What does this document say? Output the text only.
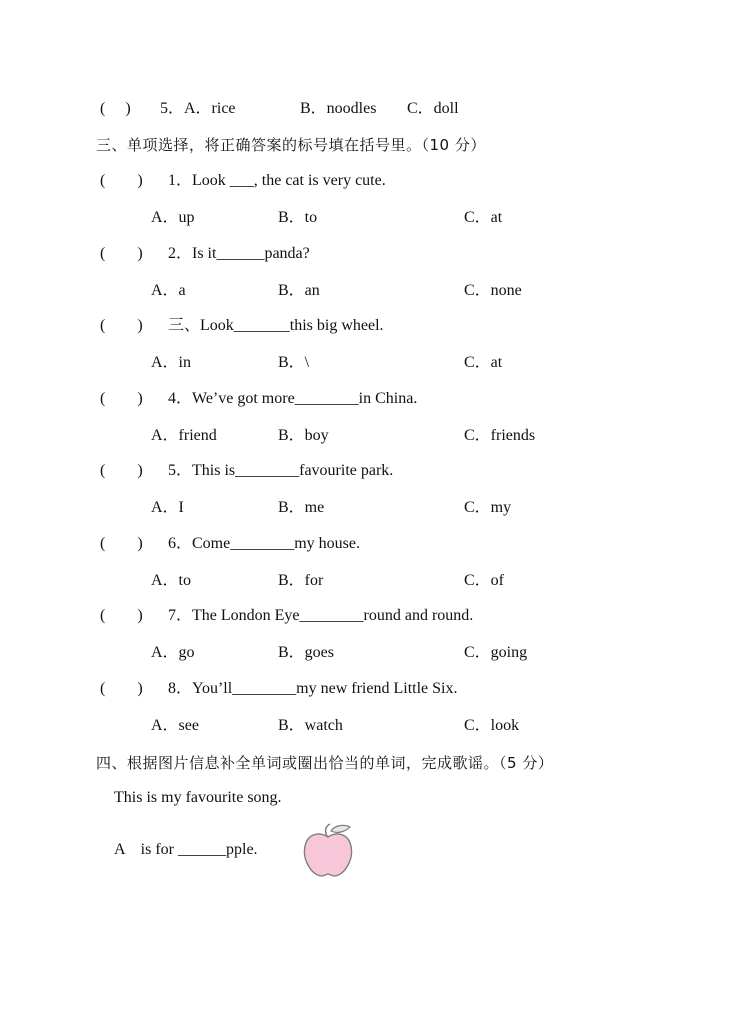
(　 ) 5．A．rice	B．noodles C．doll
三、单项选择，将正确答案的标号填在括号里。（10 分）
(　　) 1．Look ___, the cat is very cute.
A．up	B．to	C．at
(　　) 2．Is it______panda?
A．a	B．an	C．none
(　　) 三、Look_______this big wheel.
A．in	B．\	C．at
(　　) 4．We’ve got more________in China.
A．friend	B．boy	C．friends
(　　) 5．This is________favourite park.
A．I	B．me	C．my
(　　) 6．Come________my house.
A．to	B．for	C．of
(　　) 7．The London Eye________round and round.
A．go	B．goes	C．going
(　　) 8．You’ll________my new friend Little Six.
A．see	B．watch	C．look
四、根据图片信息补全单词或圈出恰当的单词，完成歌谣。（5 分）
This is my favourite song.
A　is for ______pple.
